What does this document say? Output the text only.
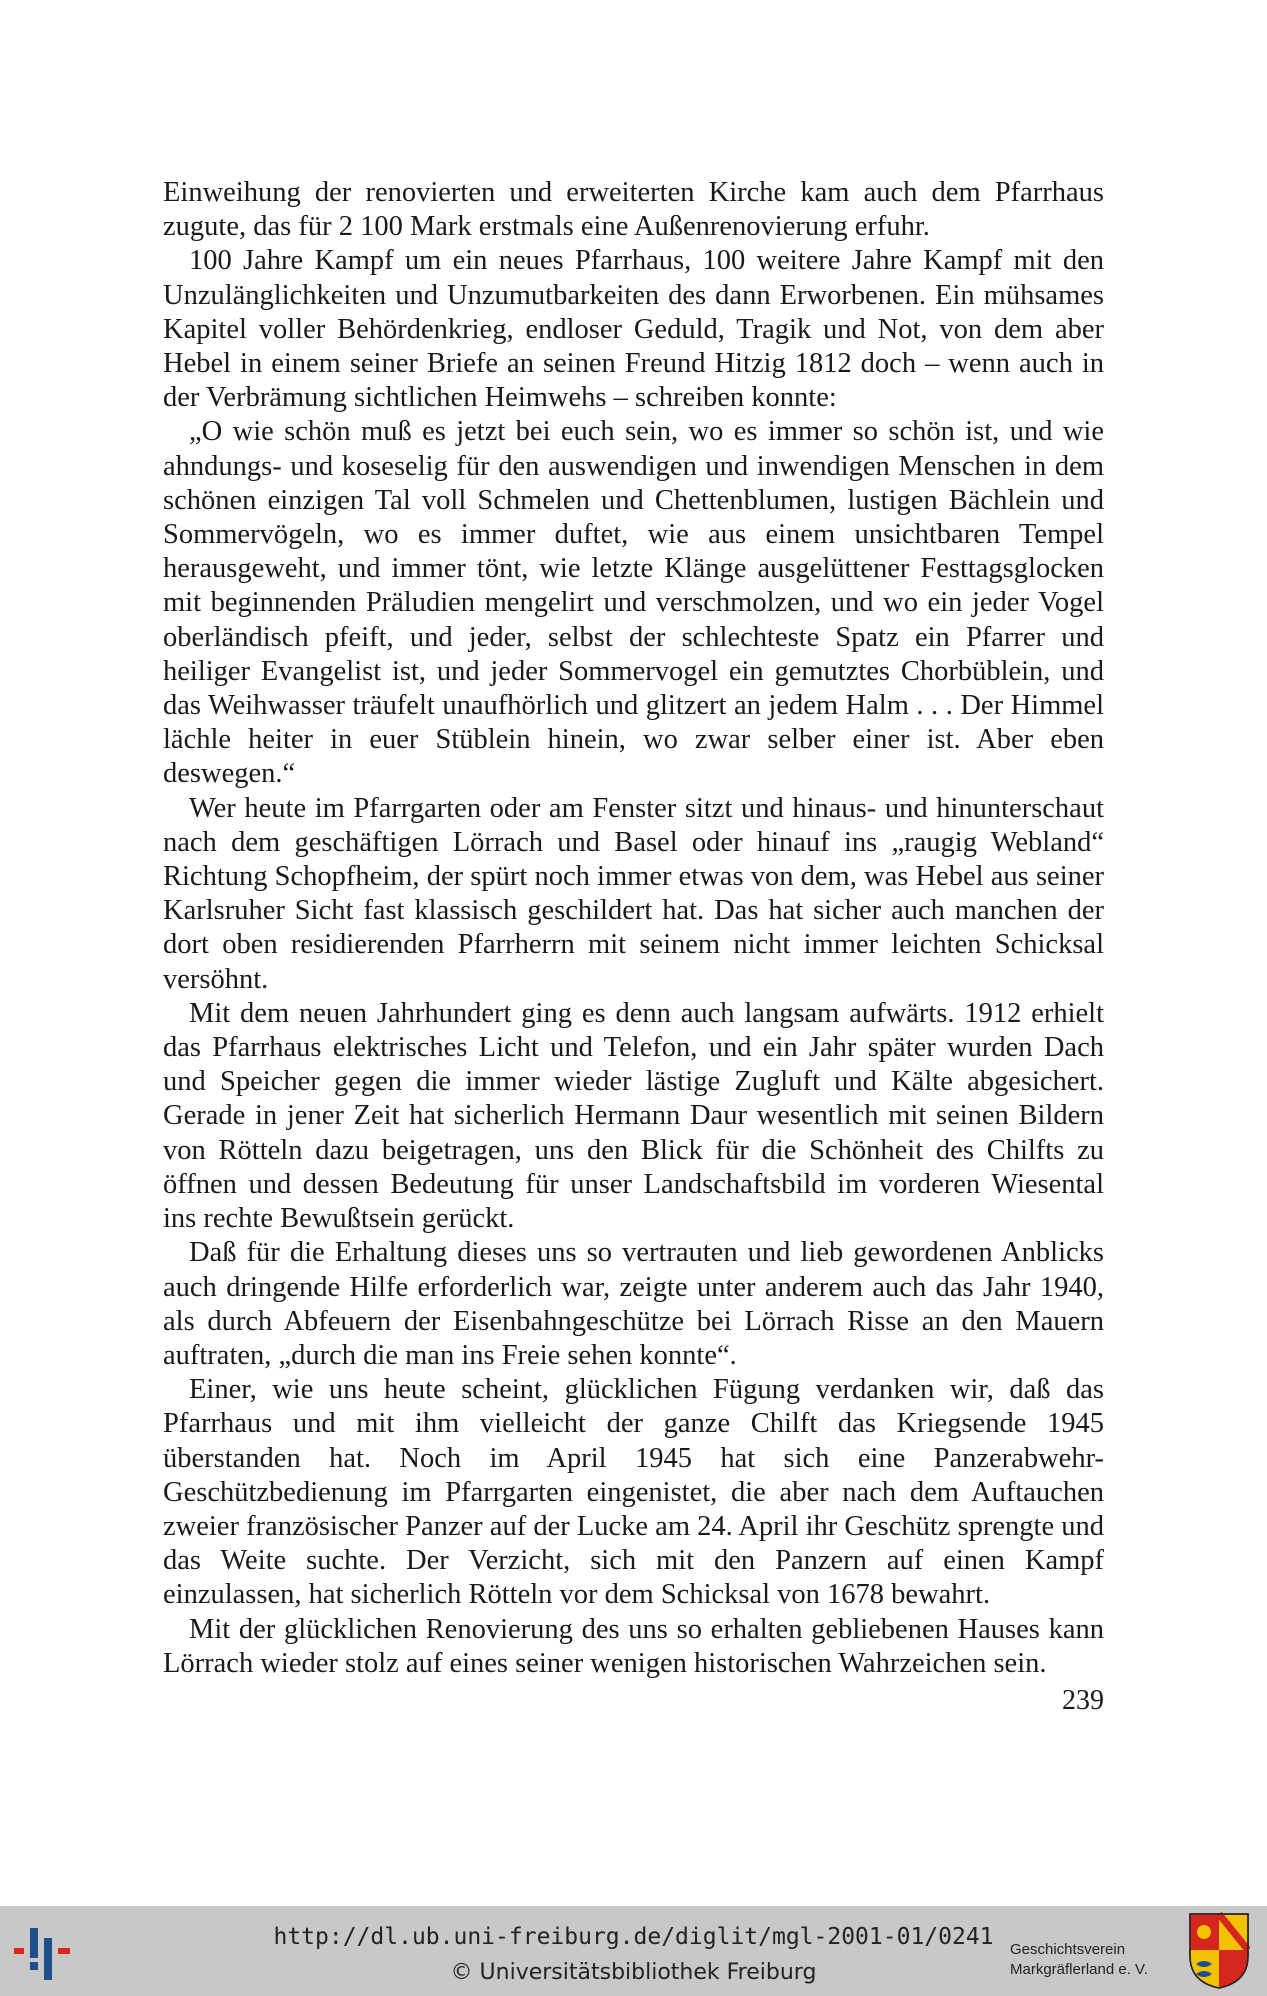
Einweihung der renovierten und erweiterten Kirche kam auch dem Pfarrhaus zugute, das für 2 100 Mark erstmals eine Außenrenovierung erfuhr.

100 Jahre Kampf um ein neues Pfarrhaus, 100 weitere Jahre Kampf mit den Unzulänglichkeiten und Unzumutbarkeiten des dann Erworbenen. Ein mühsames Kapitel voller Behördenkrieg, endloser Geduld, Tragik und Not, von dem aber Hebel in einem seiner Briefe an seinen Freund Hitzig 1812 doch – wenn auch in der Verbrämung sichtlichen Heimwehs – schreiben konnte:

„O wie schön muß es jetzt bei euch sein, wo es immer so schön ist, und wie ahndungs- und koseselig für den auswendigen und inwendigen Menschen in dem schönen einzigen Tal voll Schmelen und Chettenblumen, lustigen Bächlein und Sommervögeln, wo es immer duftet, wie aus einem unsichtbaren Tempel herausgeweht, und immer tönt, wie letzte Klänge ausgelüttener Festtagsglocken mit beginnenden Präludien mengelirt und verschmolzen, und wo ein jeder Vogel oberländisch pfeift, und jeder, selbst der schlechteste Spatz ein Pfarrer und heiliger Evangelist ist, und jeder Sommervogel ein gemutztes Chorbüblein, und das Weihwasser träufelt unaufhörlich und glitzert an jedem Halm . . . Der Himmel lächle heiter in euer Stüblein hinein, wo zwar selber einer ist. Aber eben deswegen.“

Wer heute im Pfarrgarten oder am Fenster sitzt und hinaus- und hinunterschaut nach dem geschäftigen Lörrach und Basel oder hinauf ins „raugig Webland“ Richtung Schopfheim, der spürt noch immer etwas von dem, was Hebel aus seiner Karlsruher Sicht fast klassisch geschildert hat. Das hat sicher auch manchen der dort oben residierenden Pfarrherrn mit seinem nicht immer leichten Schicksal versöhnt.

Mit dem neuen Jahrhundert ging es denn auch langsam aufwärts. 1912 erhielt das Pfarrhaus elektrisches Licht und Telefon, und ein Jahr später wurden Dach und Speicher gegen die immer wieder lästige Zugluft und Kälte abgesichert. Gerade in jener Zeit hat sicherlich Hermann Daur wesentlich mit seinen Bildern von Rötteln dazu beigetragen, uns den Blick für die Schönheit des Chilfts zu öffnen und dessen Bedeutung für unser Landschaftsbild im vorderen Wiesental ins rechte Bewußtsein gerückt.

Daß für die Erhaltung dieses uns so vertrauten und lieb gewordenen Anblicks auch dringende Hilfe erforderlich war, zeigte unter anderem auch das Jahr 1940, als durch Abfeuern der Eisenbahngeschütze bei Lörrach Risse an den Mauern auftraten, „durch die man ins Freie sehen konnte“.

Einer, wie uns heute scheint, glücklichen Fügung verdanken wir, daß das Pfarrhaus und mit ihm vielleicht der ganze Chilft das Kriegsende 1945 überstanden hat. Noch im April 1945 hat sich eine Panzerabwehr-Geschützbedienung im Pfarrgarten eingenistet, die aber nach dem Auftauchen zweier französischer Panzer auf der Lucke am 24. April ihr Geschütz sprengte und das Weite suchte. Der Verzicht, sich mit den Panzern auf einen Kampf einzulassen, hat sicherlich Rötteln vor dem Schicksal von 1678 bewahrt.

Mit der glücklichen Renovierung des uns so erhalten gebliebenen Hauses kann Lörrach wieder stolz auf eines seiner wenigen historischen Wahrzeichen sein.

239
http://dl.ub.uni-freiburg.de/diglit/mgl-2001-01/0241
© Universitätsbibliothek Freiburg
Geschichtsverein
Markgräflerland e. V.
